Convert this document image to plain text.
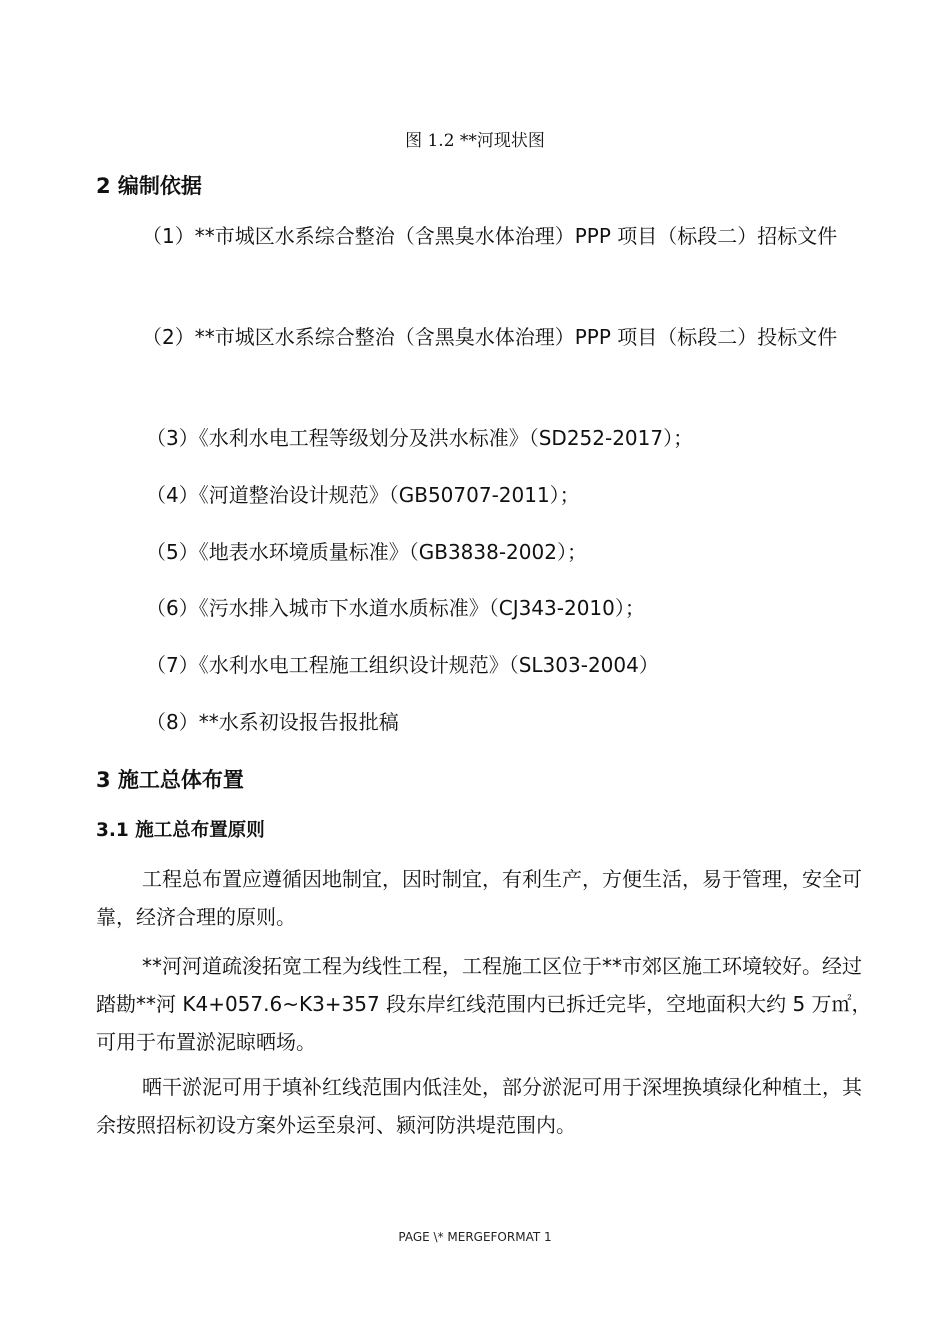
图 1.2 **河现状图
2 编制依据
（1）**市城区水系综合整治（含黑臭水体治理）PPP 项目（标段二）招标文件
（2）**市城区水系综合整治（含黑臭水体治理）PPP 项目（标段二）投标文件
（3）《水利水电工程等级划分及洪水标准》（SD252-2017）；
（4）《河道整治设计规范》（GB50707-2011）；
（5）《地表水环境质量标准》（GB3838-2002）；
（6）《污水排入城市下水道水质标准》（CJ343-2010）；
（7）《水利水电工程施工组织设计规范》（SL303-2004）
（8）**水系初设报告报批稿
3 施工总体布置
3.1 施工总布置原则
工程总布置应遵循因地制宜，因时制宜，有利生产，方便生活，易于管理，安全可靠，经济合理的原则。
**河河道疏浚拓宽工程为线性工程，工程施工区位于**市郊区施工环境较好。经过踏勘**河 K4+057.6~K3+357 段东岸红线范围内已拆迁完毕，空地面积大约 5 万㎡，可用于布置淤泥晾晒场。
晒干淤泥可用于填补红线范围内低洼处，部分淤泥可用于深埋换填绿化种植土，其余按照招标初设方案外运至泉河、颍河防洪堤范围内。
PAGE \* MERGEFORMAT 1
